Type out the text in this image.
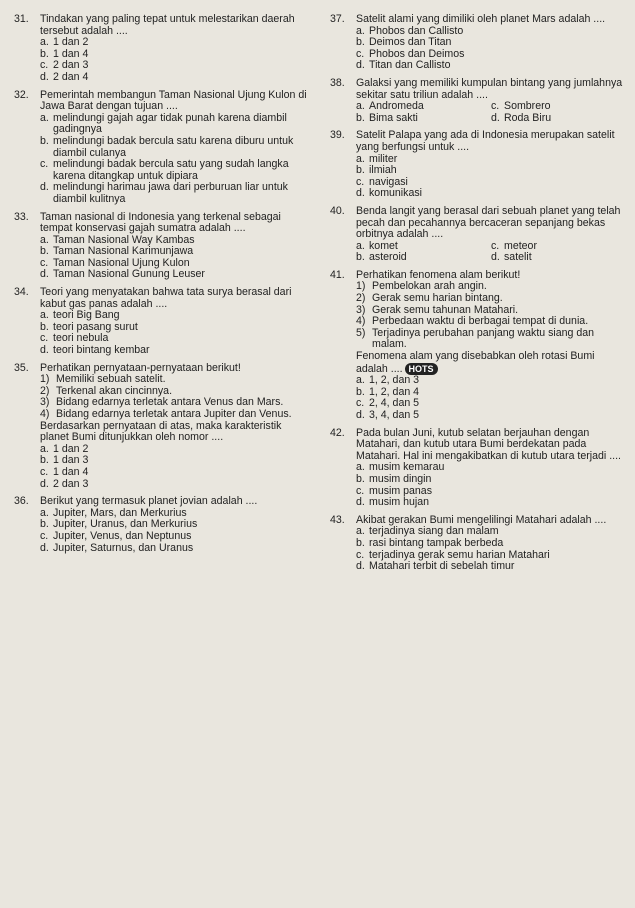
31.	Tindakan yang paling tepat untuk melestarikan daerah tersebut adalah ....
a. 1 dan 2
b. 1 dan 4
c. 2 dan 3
d. 2 dan 4
32.	Pemerintah membangun Taman Nasional Ujung Kulon di Jawa Barat dengan tujuan ....
a. melindungi gajah agar tidak punah karena diambil gadingnya
b. melindungi badak bercula satu karena diburu untuk diambil culanya
c. melindungi badak bercula satu yang sudah langka karena ditangkap untuk dipiara
d. melindungi harimau jawa dari perburuan liar untuk diambil kulitnya
33.	Taman nasional di Indonesia yang terkenal sebagai tempat konservasi gajah sumatra adalah ....
a. Taman Nasional Way Kambas
b. Taman Nasional Karimunjawa
c. Taman Nasional Ujung Kulon
d. Taman Nasional Gunung Leuser
34.	Teori yang menyatakan bahwa tata surya berasal dari kabut gas panas adalah ....
a. teori Big Bang
b. teori pasang surut
c. teori nebula
d. teori bintang kembar
35.	Perhatikan pernyataan-pernyataan berikut!
1) Memiliki sebuah satelit.
2) Terkenal akan cincinnya.
3) Bidang edarnya terletak antara Venus dan Mars.
4) Bidang edarnya terletak antara Jupiter dan Venus.
Berdasarkan pernyataan di atas, maka karakteristik planet Bumi ditunjukkan oleh nomor ....
a. 1 dan 2
b. 1 dan 3
c. 1 dan 4
d. 2 dan 3
36.	Berikut yang termasuk planet jovian adalah ....
a. Jupiter, Mars, dan Merkurius
b. Jupiter, Uranus, dan Merkurius
c. Jupiter, Venus, dan Neptunus
d. Jupiter, Saturnus, dan Uranus
37.	Satelit alami yang dimiliki oleh planet Mars adalah ....
a. Phobos dan Callisto
b. Deimos dan Titan
c. Phobos dan Deimos
d. Titan dan Callisto
38.	Galaksi yang memiliki kumpulan bintang yang jumlahnya sekitar satu triliun adalah ....
a. Andromeda	c. Sombrero
b. Bima sakti	d. Roda Biru
39.	Satelit Palapa yang ada di Indonesia merupakan satelit yang berfungsi untuk ....
a. militer
b. ilmiah
c. navigasi
d. komunikasi
40.	Benda langit yang berasal dari sebuah planet yang telah pecah dan pecahannya bercaceran sepanjang bekas orbitnya adalah ....
a. komet	c. meteor
b. asteroid	d. satelit
41.	Perhatikan fenomena alam berikut!
1) Pembelokan arah angin.
2) Gerak semu harian bintang.
3) Gerak semu tahunan Matahari.
4) Perbedaan waktu di berbagai tempat di dunia.
5) Terjadinya perubahan panjang waktu siang dan malam.
Fenomena alam yang disebabkan oleh rotasi Bumi adalah .... HOTS
a. 1, 2, dan 3
b. 1, 2, dan 4
c. 2, 4, dan 5
d. 3, 4, dan 5
42.	Pada bulan Juni, kutub selatan berjauhan dengan Matahari, dan kutub utara Bumi berdekatan pada Matahari. Hal ini mengakibatkan di kutub utara terjadi ....
a. musim kemarau
b. musim dingin
c. musim panas
d. musim hujan
43.	Akibat gerakan Bumi mengelilingi Matahari adalah ....
a. terjadinya siang dan malam
b. rasi bintang tampak berbeda
c. terjadinya gerak semu harian Matahari
d. Matahari terbit di sebelah timur
